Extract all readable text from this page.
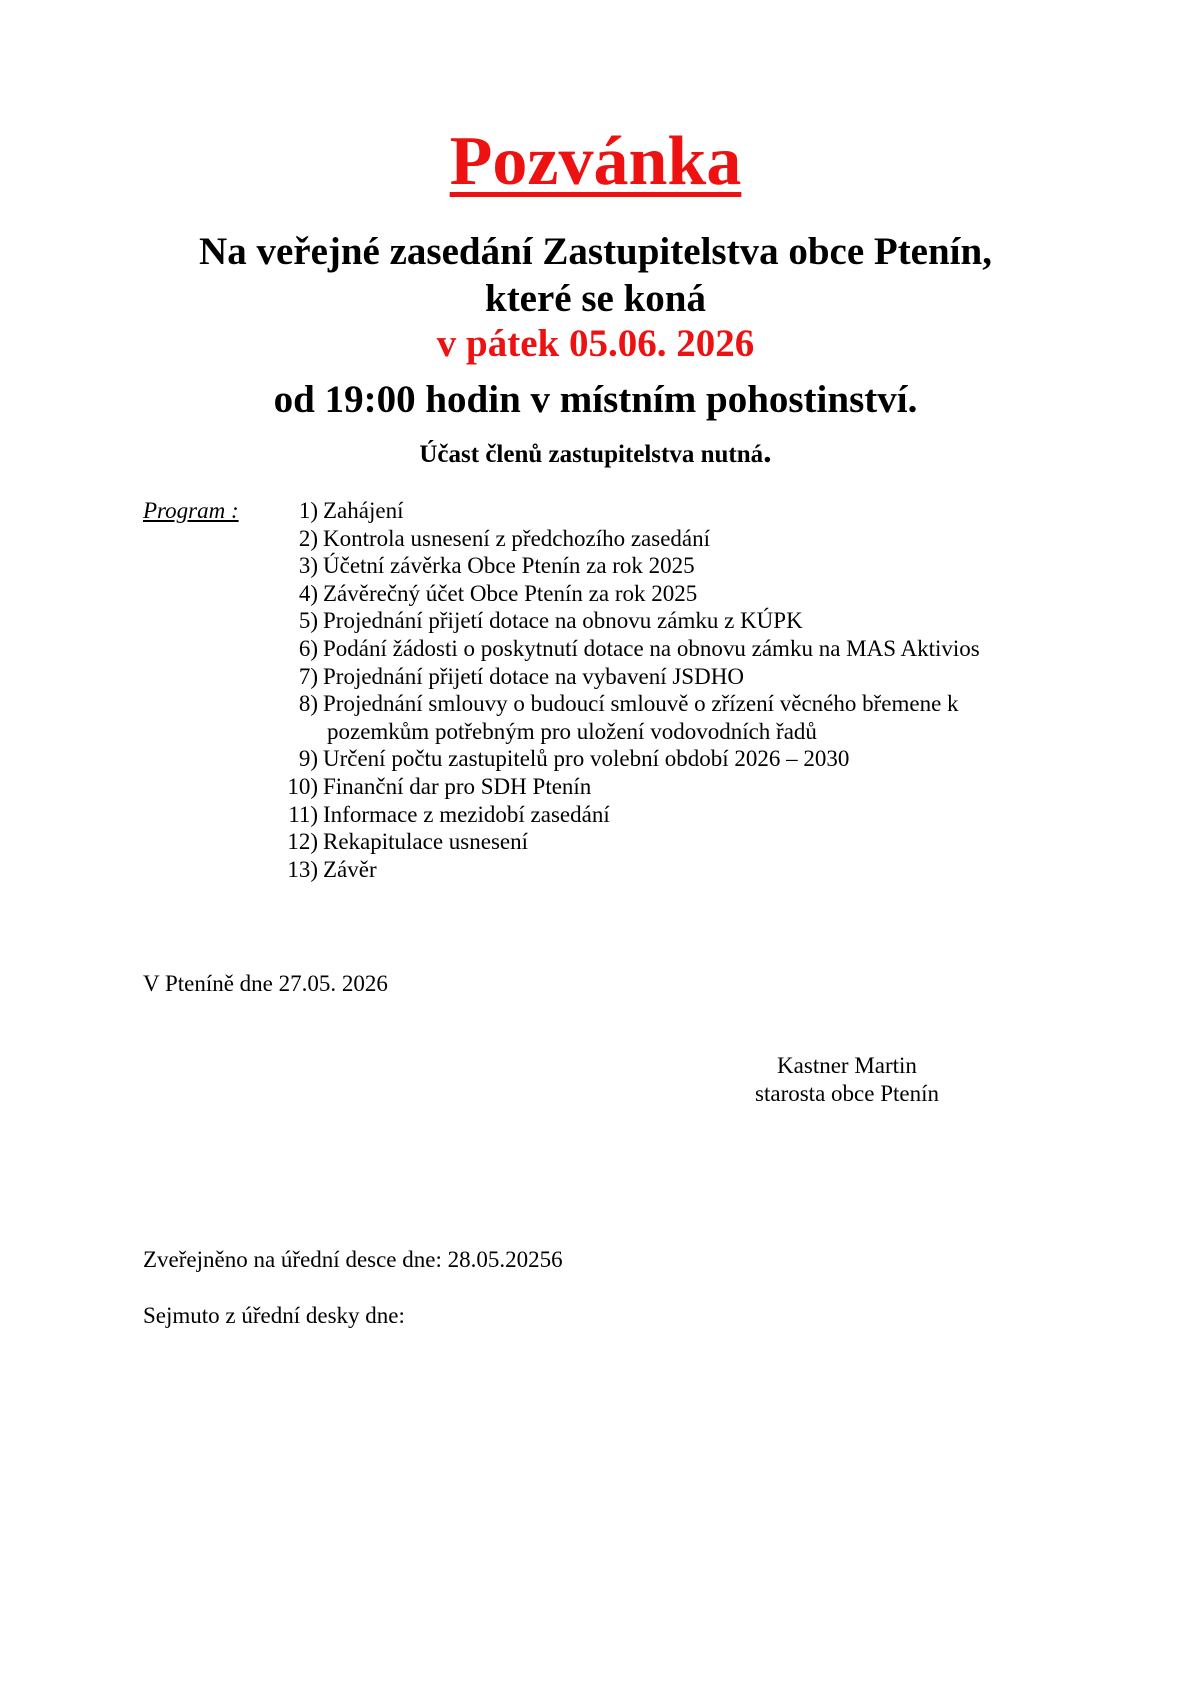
Pozvánka
Na veřejné zasedání Zastupitelstva obce Ptenín,
které se koná
v pátek 05.06. 2026
od 19:00 hodin v místním pohostinství.
Účast členů zastupitelstva nutná.
Program :	1) Zahájení
2) Kontrola usnesení z předchozího zasedání
3) Účetní závěrka Obce Ptenín za rok 2025
4) Závěrečný účet Obce Ptenín za rok 2025
5) Projednání přijetí dotace na obnovu zámku z KÚPK
6) Podání žádosti o poskytnutí dotace na obnovu zámku na MAS Aktivios
7) Projednání přijetí dotace na vybavení JSDHO
8) Projednání smlouvy o budoucí smlouvě o zřízení věcného břemene k
pozemkům potřebným pro uložení vodovodních řadů
9) Určení počtu zastupitelů pro volební období 2026 – 2030
10) Finanční dar pro SDH Ptenín
11) Informace z mezidobí zasedání
12) Rekapitulace usnesení
13) Závěr
V Pteníně dne 27.05. 2026
Kastner Martin
starosta obce Ptenín
Zveřejněno na úřední desce dne: 28.05.20256
Sejmuto z úřední desky dne:
